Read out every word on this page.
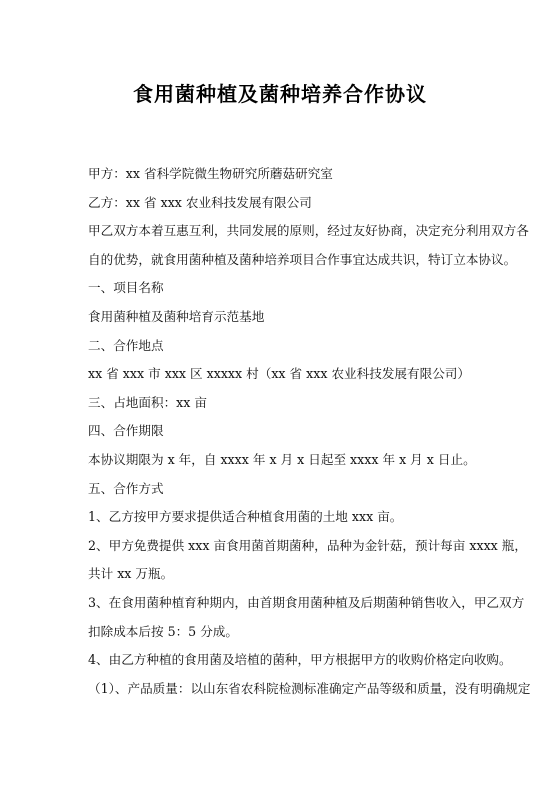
食用菌种植及菌种培养合作协议
甲方：xx 省科学院微生物研究所蘑菇研究室
乙方：xx 省 xxx 农业科技发展有限公司
甲乙双方本着互惠互利，共同发展的原则，经过友好协商，决定充分利用双方各
自的优势，就食用菌种植及菌种培养项目合作事宜达成共识，特订立本协议。
一、项目名称
食用菌种植及菌种培育示范基地
二、合作地点
xx 省 xxx 市 xxx 区 xxxxx 村（xx 省 xxx 农业科技发展有限公司）
三、占地面积：xx 亩
四、合作期限
本协议期限为 x 年，自 xxxx 年 x 月 x 日起至 xxxx 年 x 月 x 日止。
五、合作方式
1、乙方按甲方要求提供适合种植食用菌的土地 xxx 亩。
2、甲方免费提供 xxx 亩食用菌首期菌种，品种为金针菇，预计每亩 xxxx 瓶，
共计 xx 万瓶。
3、在食用菌种植育种期内，由首期食用菌种植及后期菌种销售收入，甲乙双方
扣除成本后按 5：5 分成。
4、由乙方种植的食用菌及培植的菌种，甲方根据甲方的收购价格定向收购。
（1）、产品质量：以山东省农科院检测标准确定产品等级和质量，没有明确规定
